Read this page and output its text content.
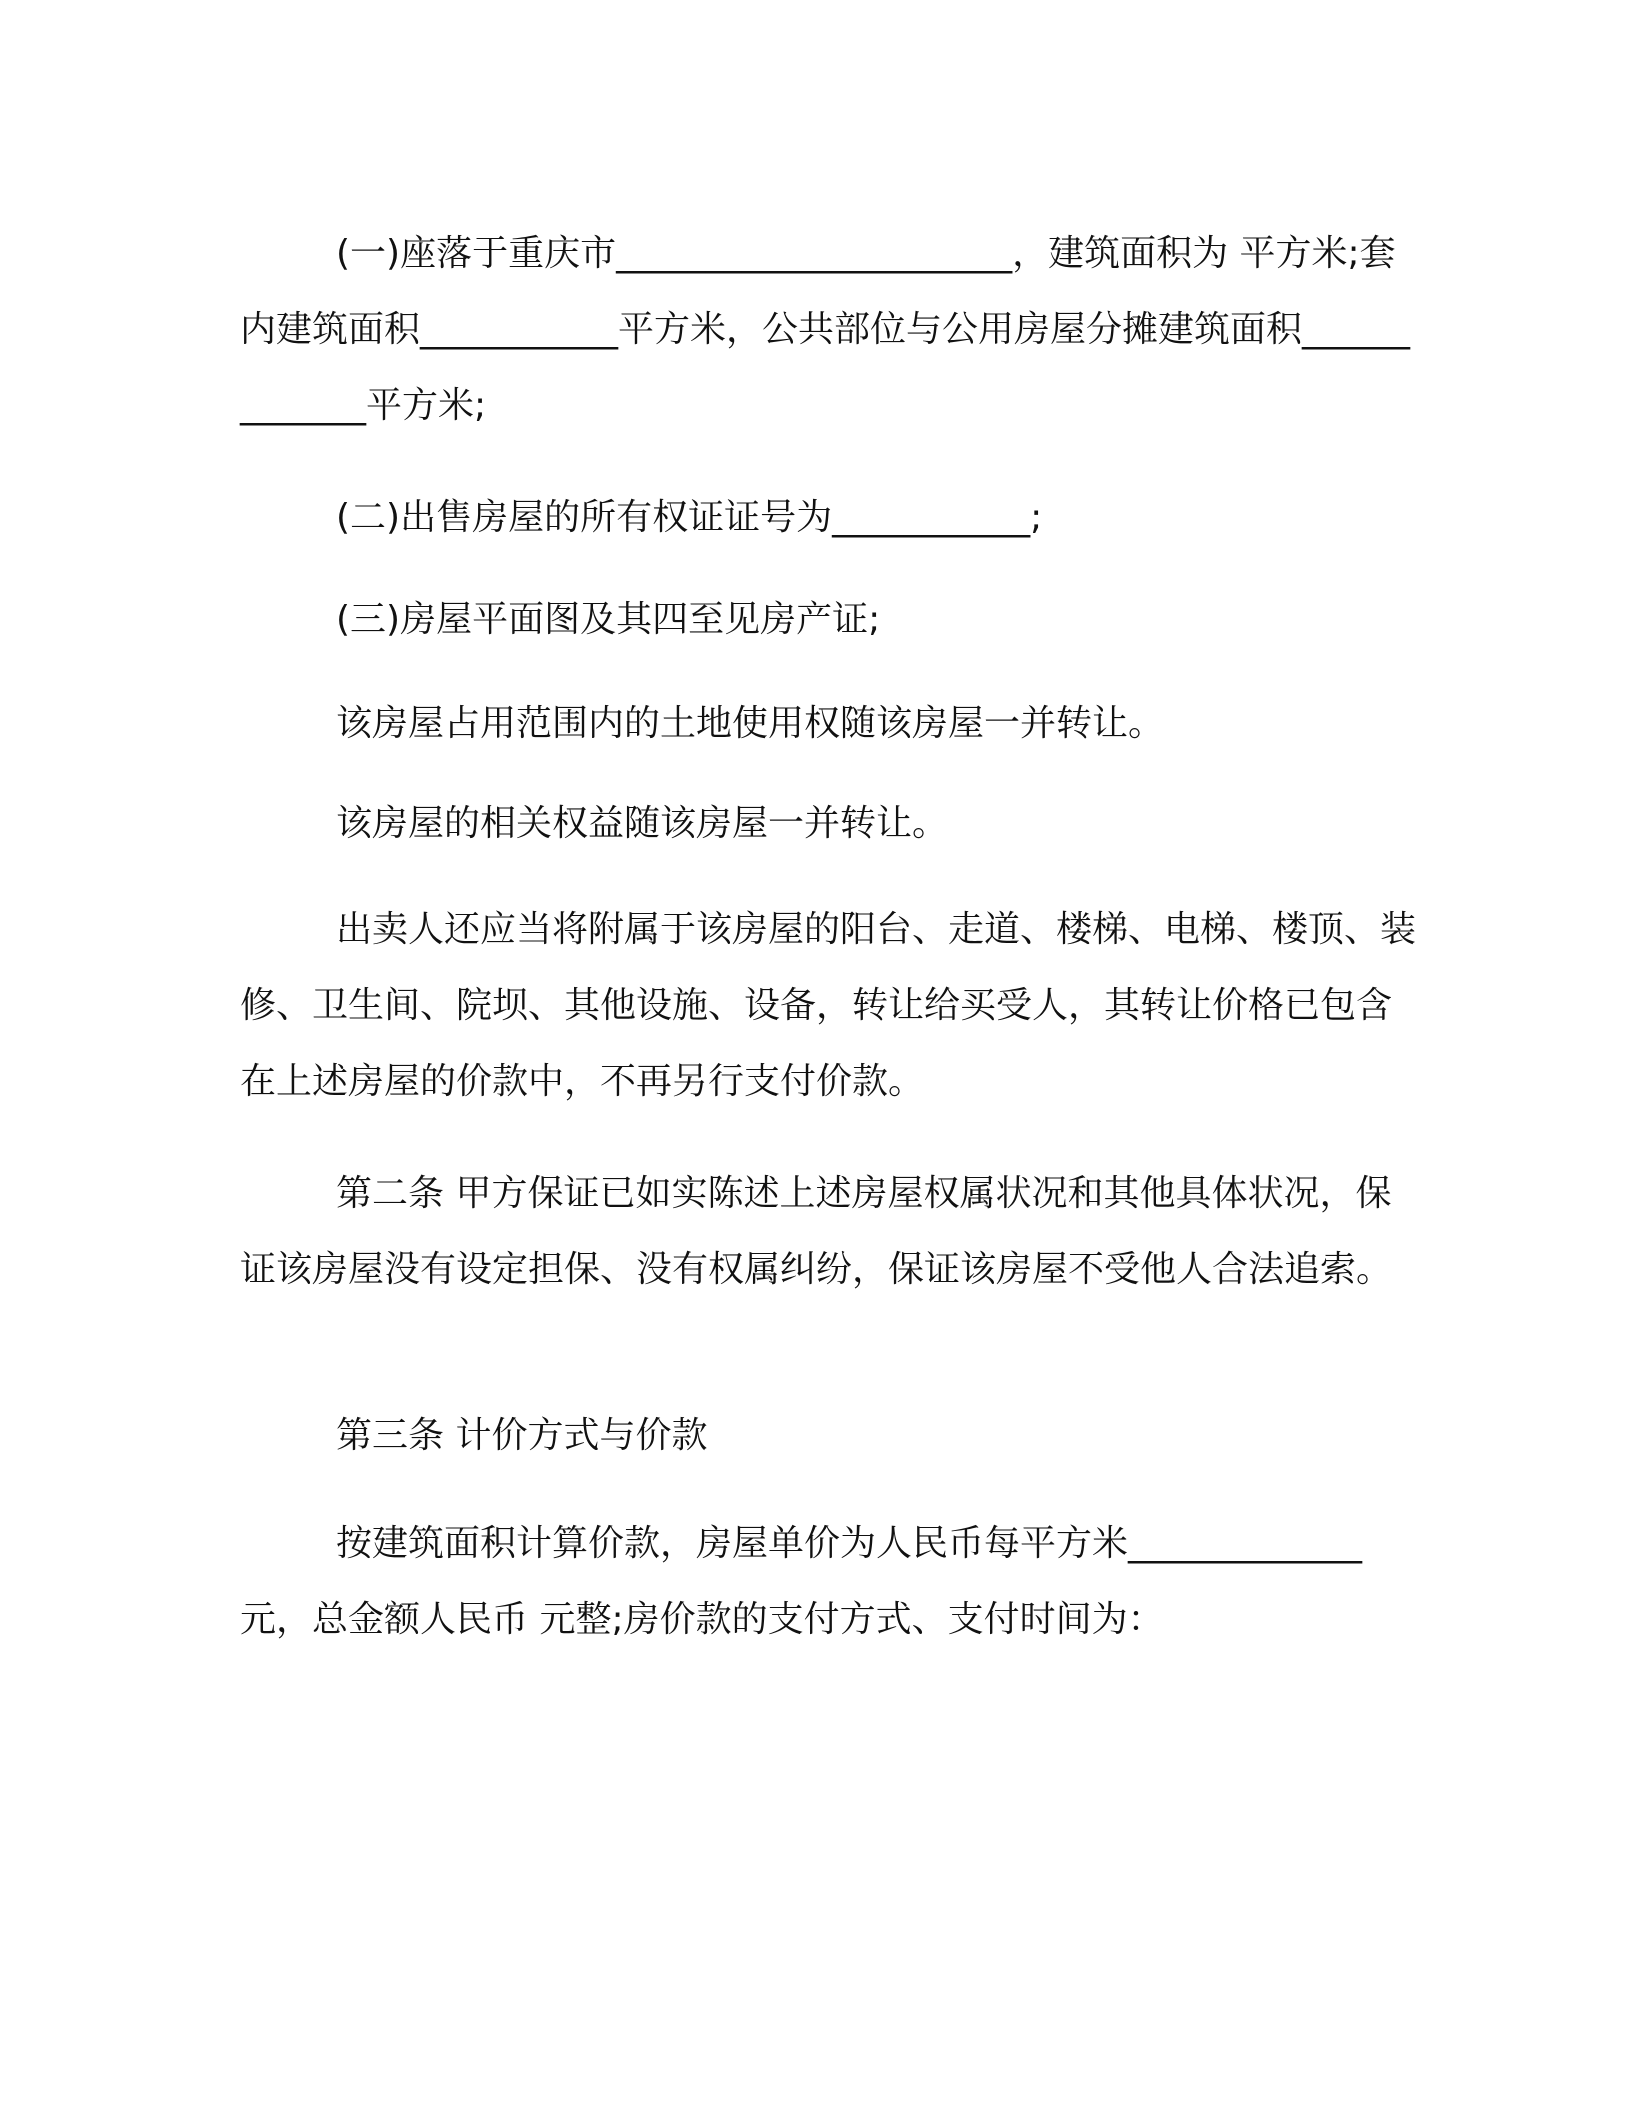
(一)座落于重庆市______________________，建筑面积为 平方米;套内建筑面积___________平方米，公共部位与公用房屋分摊建筑面积_____________平方米;

(二)出售房屋的所有权证证号为___________;

(三)房屋平面图及其四至见房产证;

该房屋占用范围内的土地使用权随该房屋一并转让。

该房屋的相关权益随该房屋一并转让。

出卖人还应当将附属于该房屋的阳台、走道、楼梯、电梯、楼顶、装修、卫生间、院坝、其他设施、设备，转让给买受人，其转让价格已包含在上述房屋的价款中，不再另行支付价款。

第二条 甲方保证已如实陈述上述房屋权属状况和其他具体状况，保证该房屋没有设定担保、没有权属纠纷，保证该房屋不受他人合法追索。

第三条 计价方式与价款

按建筑面积计算价款，房屋单价为人民币每平方米_____________元，总金额人民币 元整;房价款的支付方式、支付时间为：
